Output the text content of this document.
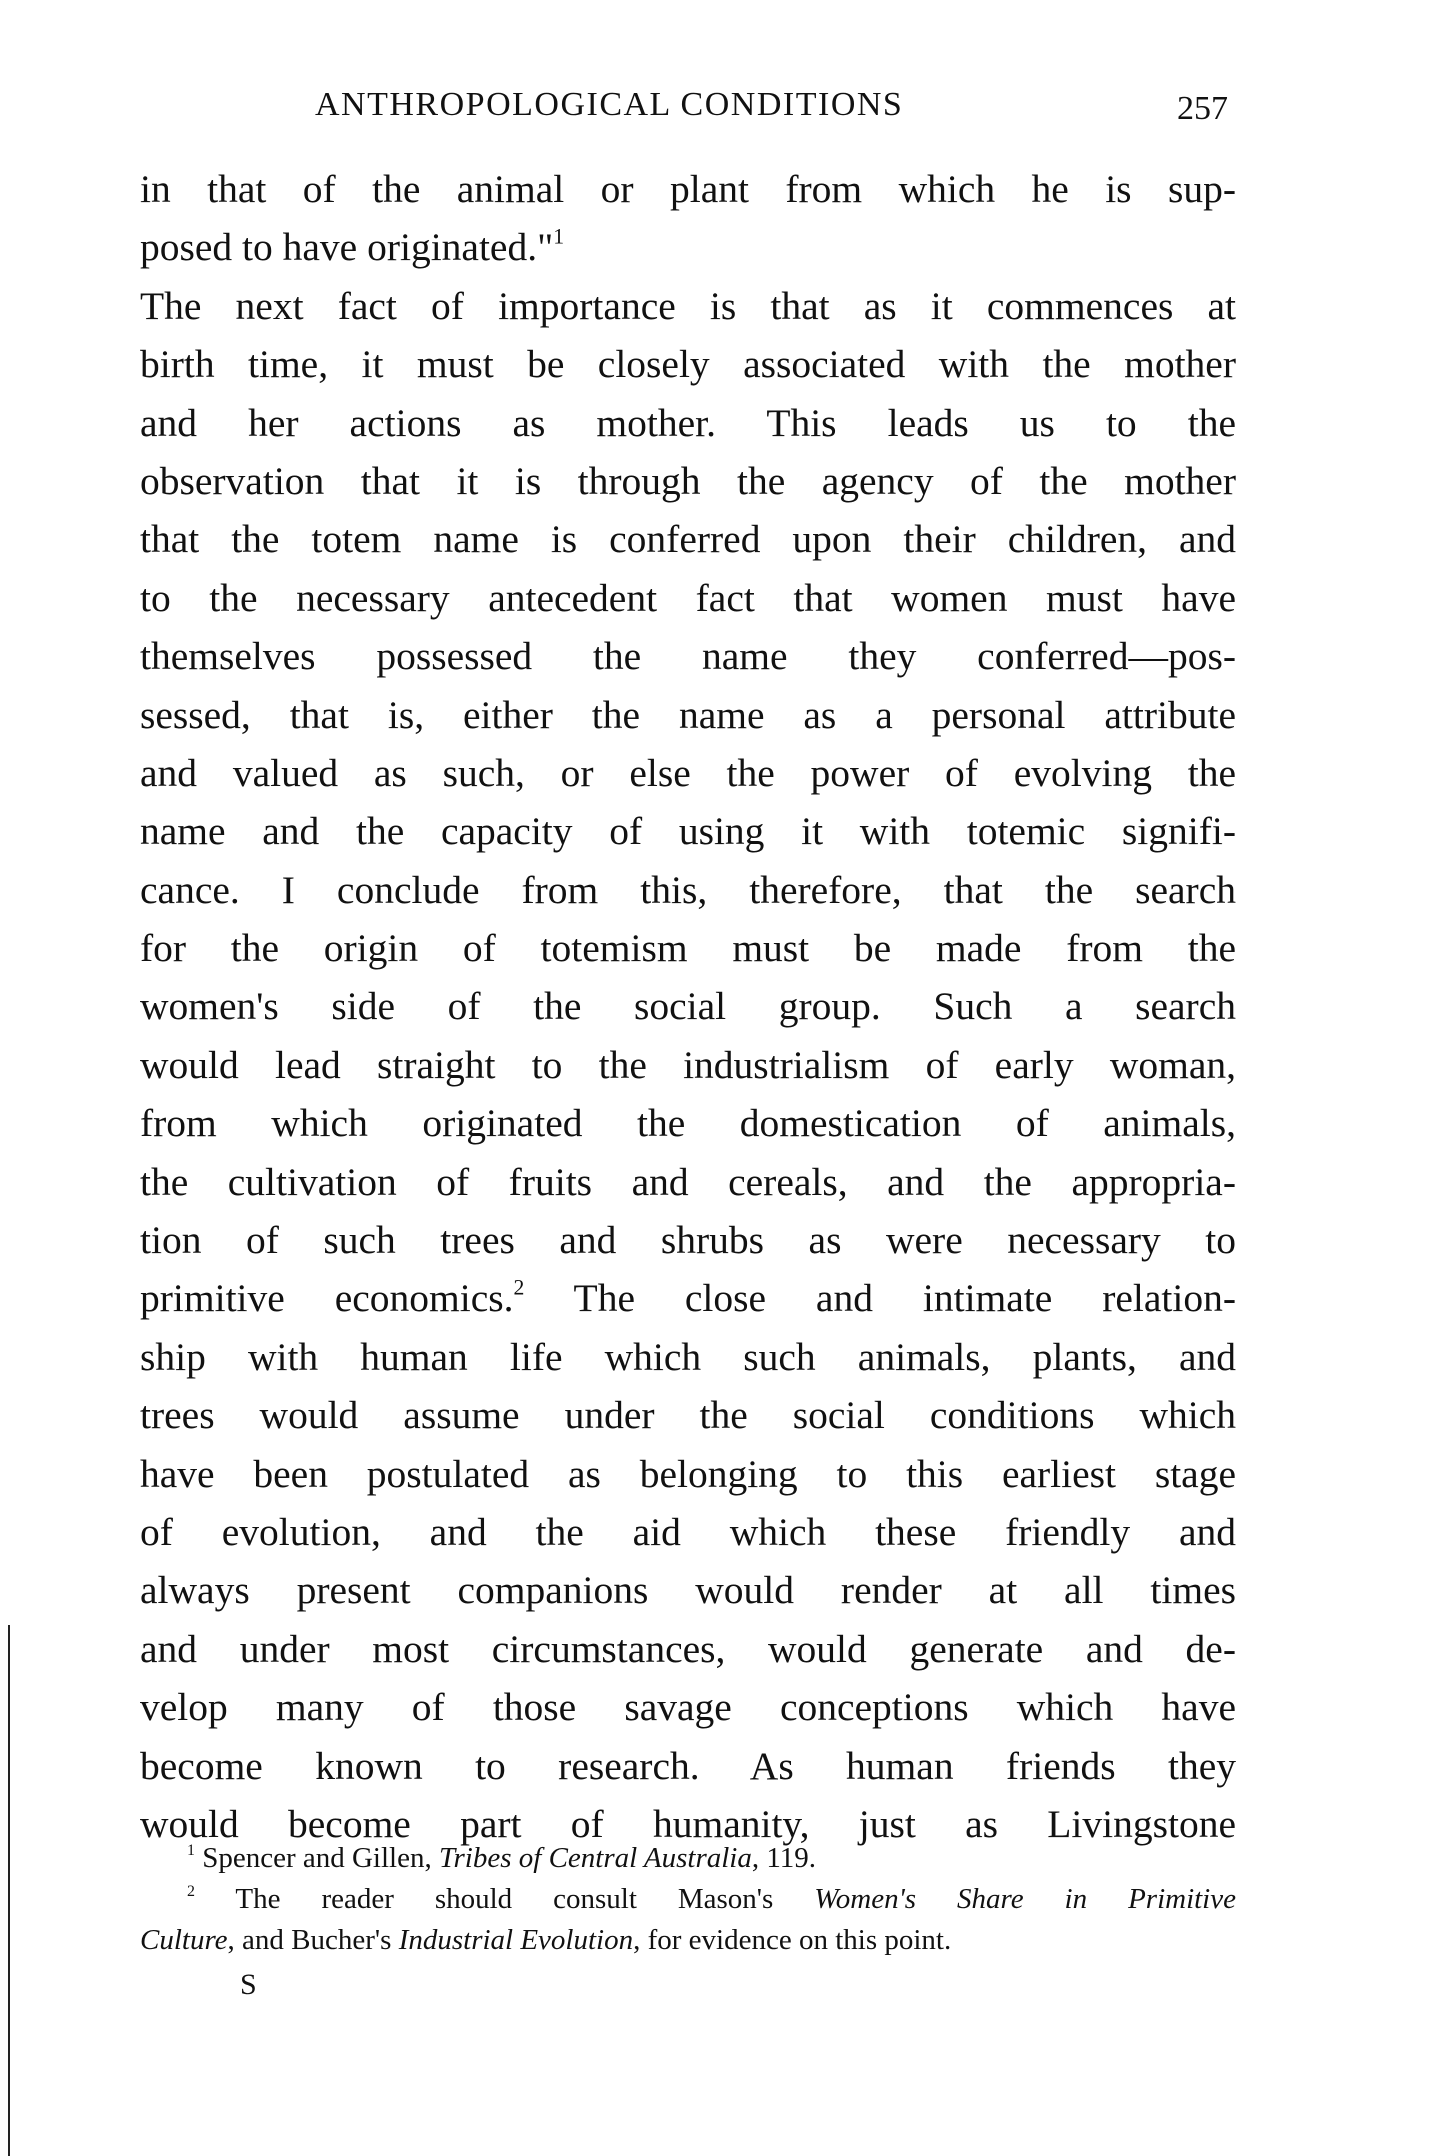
ANTHROPOLOGICAL CONDITIONS	257
in that of the animal or plant from which he is sup-
posed to have originated."$^1$
The next fact of importance is that as it commences at
birth time, it must be closely associated with the mother
and her actions as mother. This leads us to the
observation that it is through the agency of the mother
that the totem name is conferred upon their children, and
to the necessary antecedent fact that women must have
themselves possessed the name they conferred—pos-
sessed, that is, either the name as a personal attribute
and valued as such, or else the power of evolving the
name and the capacity of using it with totemic signifi-
cance. I conclude from this, therefore, that the search
for the origin of totemism must be made from the
women's side of the social group. Such a search
would lead straight to the industrialism of early woman,
from which originated the domestication of animals,
the cultivation of fruits and cereals, and the appropria-
tion of such trees and shrubs as were necessary to
primitive economics.$^2$ The close and intimate relation-
ship with human life which such animals, plants, and
trees would assume under the social conditions which
have been postulated as belonging to this earliest stage
of evolution, and the aid which these friendly and
always present companions would render at all times
and under most circumstances, would generate and de-
velop many of those savage conceptions which have
become known to research. As human friends they
would become part of humanity, just as Livingstone
$^1$ Spencer and Gillen, Tribes of Central Australia, 119.
$^2$ The reader should consult Mason's Women's Share in Primitive
Culture, and Bucher's Industrial Evolution, for evidence on this point.
S
